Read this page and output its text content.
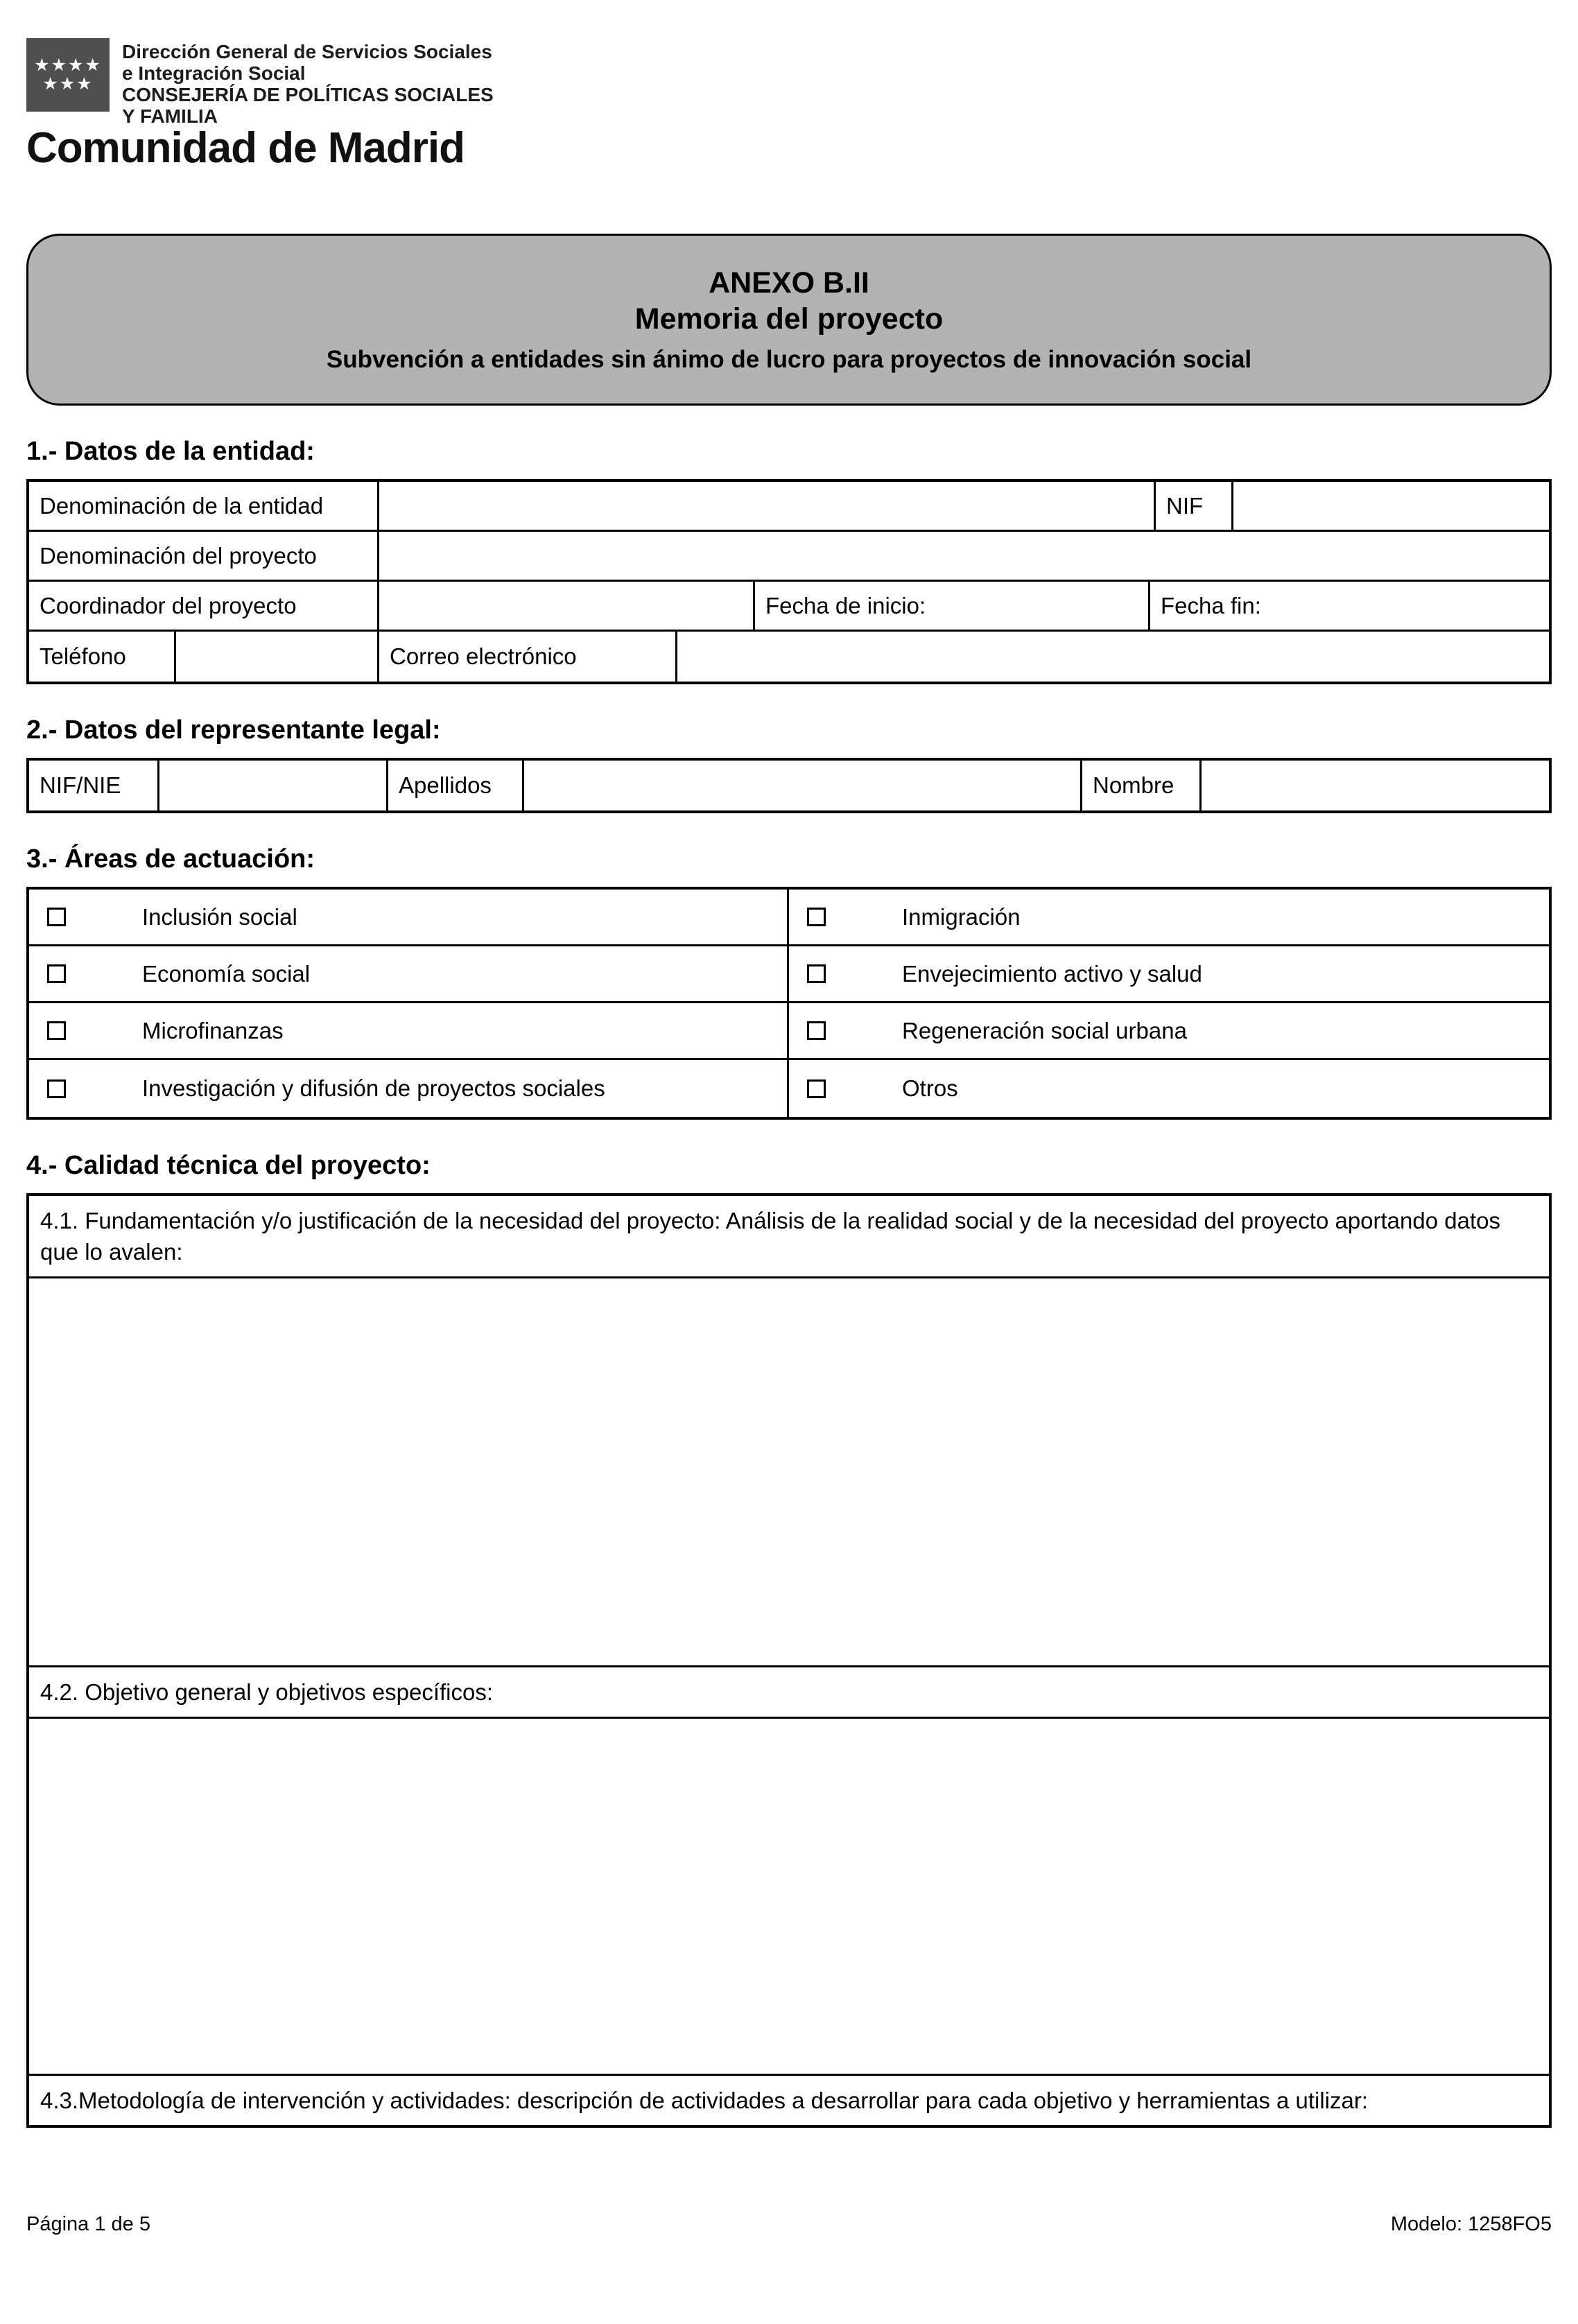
★★★★
★★★
Dirección General de Servicios Sociales
e Integración Social
CONSEJERÍA DE POLÍTICAS SOCIALES
Y FAMILIA
Comunidad de Madrid
ANEXO B.II
Memoria del proyecto
Subvención a entidades sin ánimo de lucro para proyectos de innovación social
1.- Datos de la entidad:
Denominación de la entidad	NIF
Denominación del proyecto
Coordinador del proyecto	Fecha de inicio:	Fecha fin:
Teléfono	Correo electrónico
2.- Datos del representante legal:
NIF/NIE	Apellidos	Nombre
3.- Áreas de actuación:
Inclusión social	Inmigración
Economía social	Envejecimiento activo y salud
Microfinanzas	Regeneración social urbana
Investigación y difusión de proyectos sociales	Otros
4.- Calidad técnica del proyecto:
4.1. Fundamentación y/o justificación de la necesidad del proyecto: Análisis de la realidad social y de la necesidad del proyecto aportando datos que lo avalen:
4.2. Objetivo general y objetivos específicos:
4.3.Metodología de intervención y actividades: descripción de actividades a desarrollar para cada objetivo y herramientas a utilizar:
Página 1 de 5	Modelo: 1258FO5
